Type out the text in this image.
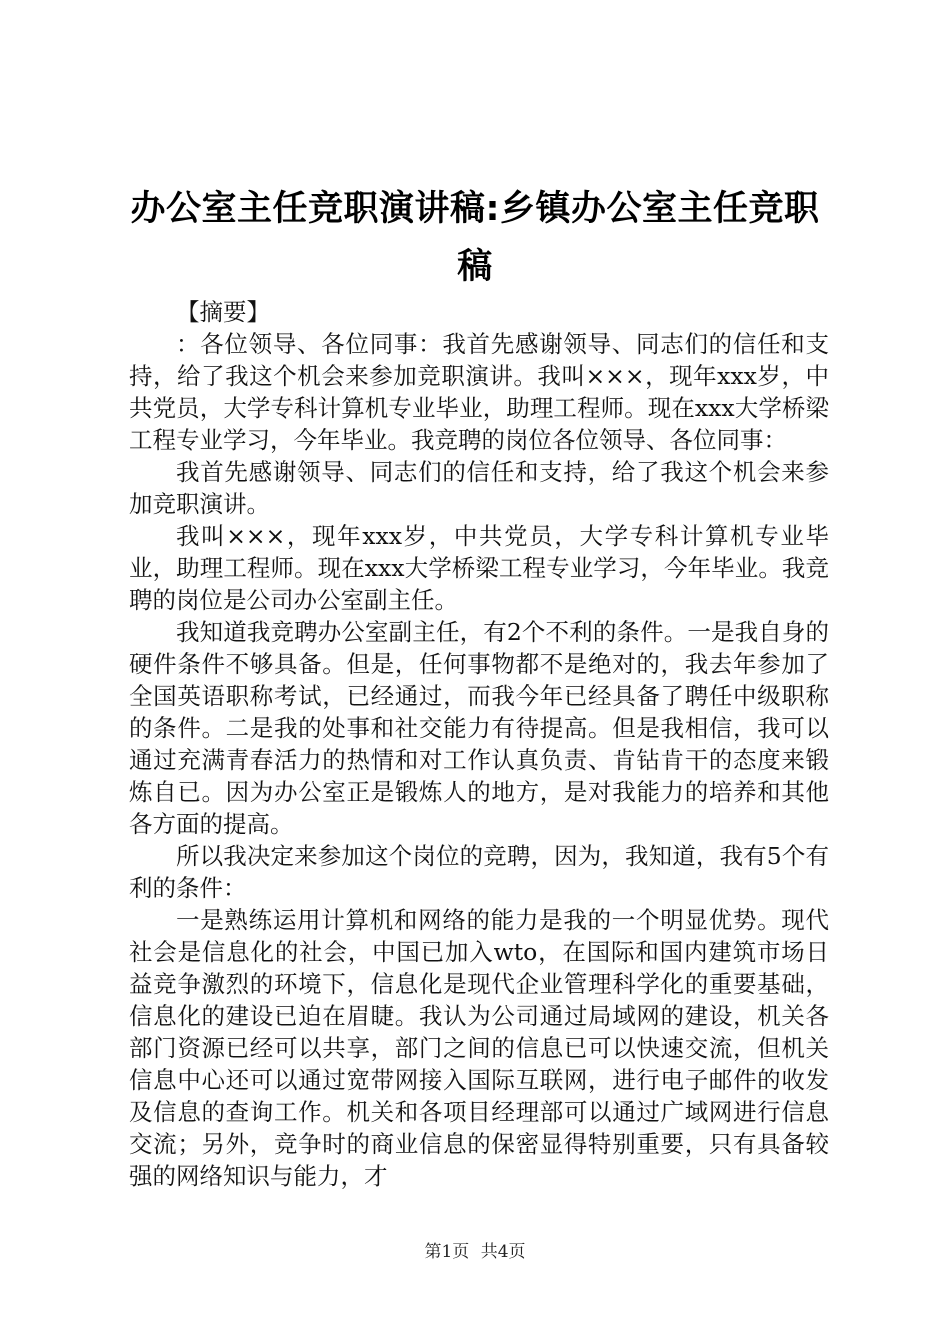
办公室主任竞职演讲稿:乡镇办公室主任竞职稿

【摘要】

：各位领导、各位同事：我首先感谢领导、同志们的信任和支持，给了我这个机会来参加竞职演讲。我叫×××，现年xxx岁，中共党员，大学专科计算机专业毕业，助理工程师。现在xxx大学桥梁工程专业学习，今年毕业。我竞聘的岗位各位领导、各位同事：

我首先感谢领导、同志们的信任和支持，给了我这个机会来参加竞职演讲。

我叫×××，现年xxx岁，中共党员，大学专科计算机专业毕业，助理工程师。现在xxx大学桥梁工程专业学习，今年毕业。我竞聘的岗位是公司办公室副主任。

我知道我竞聘办公室副主任，有2个不利的条件。一是我自身的硬件条件不够具备。但是，任何事物都不是绝对的，我去年参加了全国英语职称考试，已经通过，而我今年已经具备了聘任中级职称的条件。二是我的处事和社交能力有待提高。但是我相信，我可以通过充满青春活力的热情和对工作认真负责、肯钻肯干的态度来锻炼自已。因为办公室正是锻炼人的地方，是对我能力的培养和其他各方面的提高。

所以我决定来参加这个岗位的竞聘，因为，我知道，我有5个有利的条件：

一是熟练运用计算机和网络的能力是我的一个明显优势。现代社会是信息化的社会，中国已加入wto，在国际和国内建筑市场日益竞争激烈的环境下，信息化是现代企业管理科学化的重要基础，信息化的建设已迫在眉睫。我认为公司通过局域网的建设，机关各部门资源已经可以共享，部门之间的信息已可以快速交流，但机关信息中心还可以通过宽带网接入国际互联网，进行电子邮件的收发及信息的查询工作。机关和各项目经理部可以通过广域网进行信息交流；另外，竞争时的商业信息的保密显得特别重要，只有具备较强的网络知识与能力，才

第1页 共4页
